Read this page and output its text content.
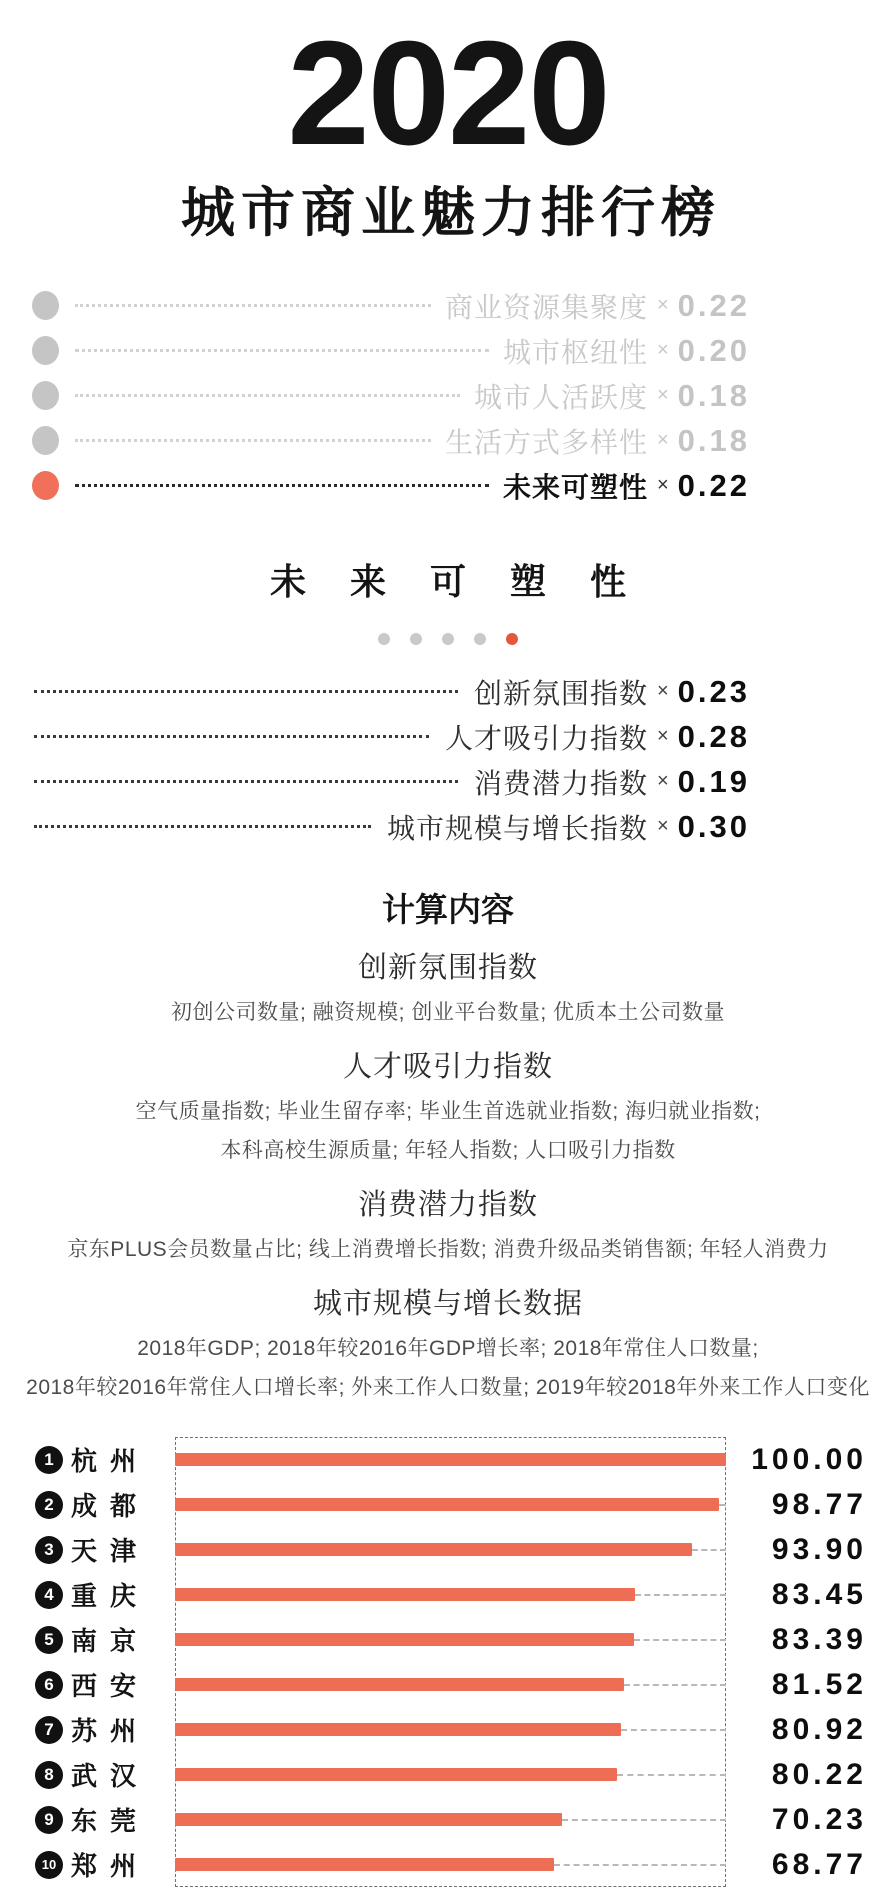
2020
城市商业魅力排行榜
商业资源集聚度 × 0.22
城市枢纽性 × 0.20
城市人活跃度 × 0.18
生活方式多样性 × 0.18
未来可塑性 × 0.22
未来可塑性
创新氛围指数 × 0.23
人才吸引力指数 × 0.28
消费潜力指数 × 0.19
城市规模与增长指数 × 0.30
计算内容
创新氛围指数
初创公司数量; 融资规模; 创业平台数量; 优质本土公司数量
人才吸引力指数
空气质量指数; 毕业生留存率; 毕业生首选就业指数; 海归就业指数;
本科高校生源质量; 年轻人指数; 人口吸引力指数
消费潜力指数
京东PLUS会员数量占比; 线上消费增长指数; 消费升级品类销售额; 年轻人消费力
城市规模与增长数据
2018年GDP; 2018年较2016年GDP增长率; 2018年常住人口数量;
2018年较2016年常住人口增长率; 外来工作人口数量; 2019年较2018年外来工作人口变化
1 杭州	100.00
2 成都	98.77
3 天津	93.90
4 重庆	83.45
5 南京	83.39
6 西安	81.52
7 苏州	80.92
8 武汉	80.22
9 东莞	70.23
10 郑州	68.77
